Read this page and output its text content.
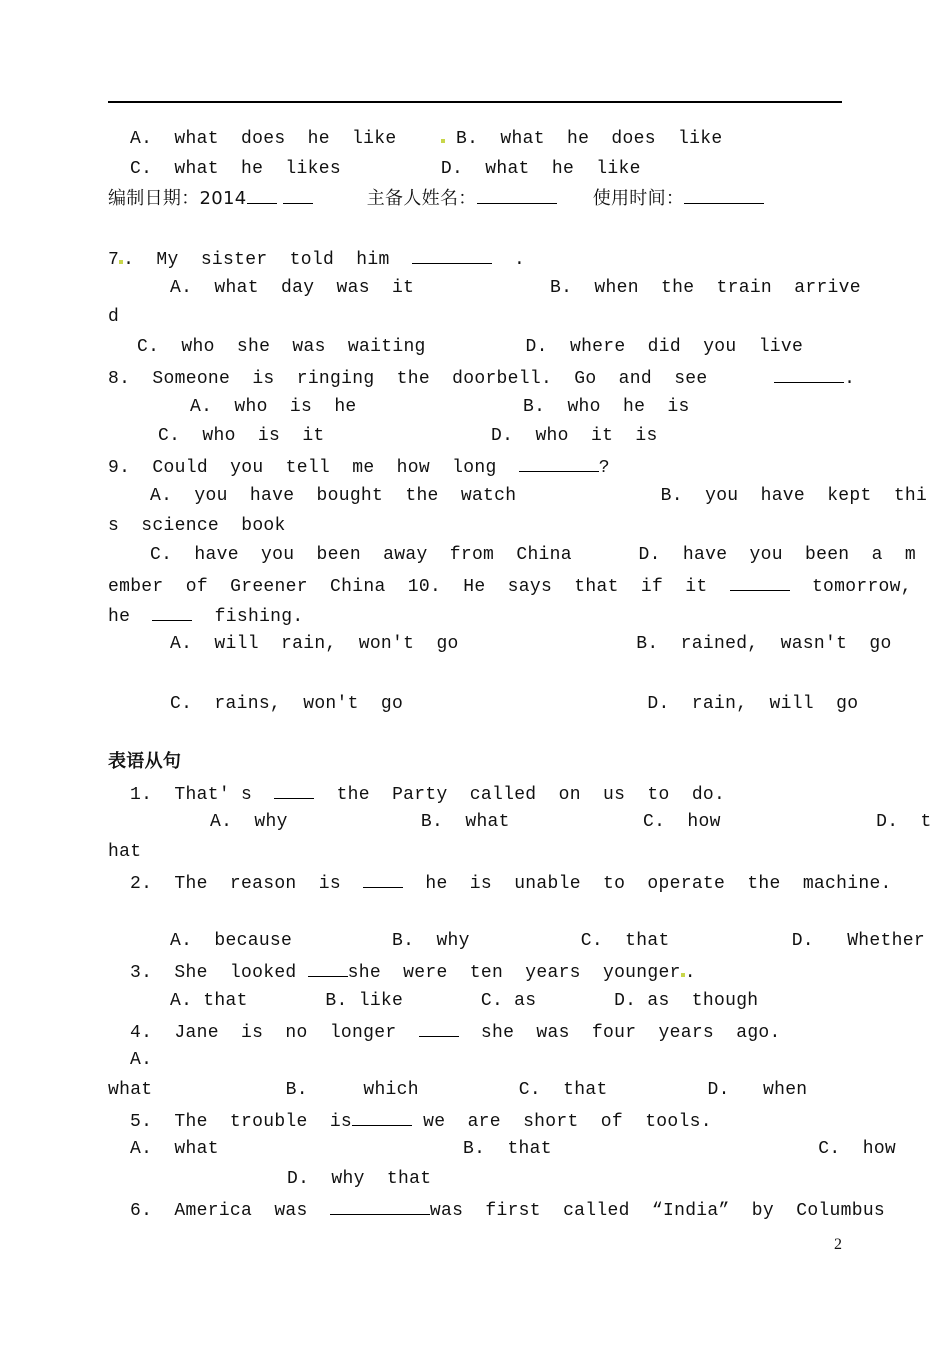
A.  what  does  he  like	B.  what  he  does  like
C.  what  he  likes         D.  what  he  like
编制日期：2014	主备人姓名：	使用时间：
7 .  My  sister  told  him	.
A.  what  day  was  it	B.  when  the  train  arrive
d
C.  who  she  was  waiting         D.  where  did  you  live
8.  Someone  is  ringing  the  doorbell.  Go  and  see	.
A.  who  is  he               B.  who  he  is
C.  who  is  it               D.  who  it  is
9.  Could  you  tell  me  how  long	?
A.  you  have  bought  the  watch             B.  you  have  kept  thi
s  science  book
C.  have  you  been  away  from  China      D.  have  you  been  a  m
ember  of  Greener  China  10.  He  says  that  if  it	tomorrow,
he	fishing.
A.  will  rain,  won't  go                B.  rained,  wasn't  go
C.  rains,  won't  go                      D.  rain,  will  go
表语从句
1.  That' s	the  Party  called  on  us  to  do.
A.  why            B.  what            C.  how              D.  t
hat
2.  The  reason  is	he  is  unable  to  operate  the  machine.
A.  because         B.  why          C.  that           D.   Whether
3.  She  looked	she  were  ten  years  younger .
A. that       B. like       C. as       D. as  though
4.  Jane  is  no  longer	she  was  four  years  ago.
A.
what            B.     which         C.  that         D.   when
5.  The  trouble  is	we  are  short  of  tools.
A.  what                      B.  that                        C.  how
D.  why  that
6.  America  was	was  first  called  “India”  by  Columbus
2
